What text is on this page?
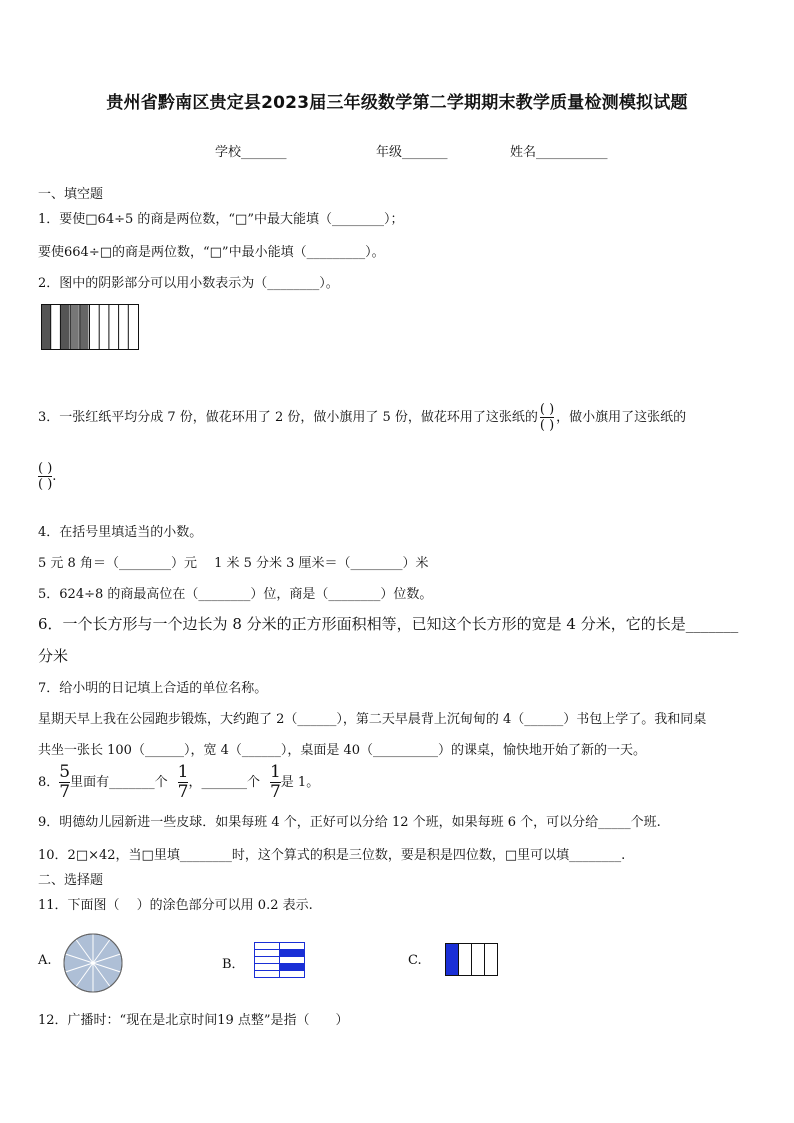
贵州省黔南区贵定县2023届三年级数学第二学期期末教学质量检测模拟试题
学校_______	年级_______	姓名___________
一、填空题
1．要使□64÷5 的商是两位数，“□”中最大能填（________）；
要使664÷□的商是两位数，“□”中最小能填（_________）。
2．图中的阴影部分可以用小数表示为（________）。
3．一张红纸平均分成 7 份，做花环用了 2 份，做小旗用了 5 份，做花环用了这张纸的 $\frac{( )}{( )}$ ，做小旗用了这张纸的
$\frac{( )}{( )}$ .
4．在括号里填适当的小数。
5 元 8 角＝（________）元　 1 米 5 分米 3 厘米＝（________）米
5．624÷8 的商最高位在（________）位，商是（________）位数。
6．一个长方形与一个边长为 8 分米的正方形面积相等，已知这个长方形的宽是 4 分米，它的长是_______
分米
7．给小明的日记填上合适的单位名称。
星期天早上我在公园跑步锻炼，大约跑了 2（______），第二天早晨背上沉甸甸的 4（______）书包上学了。我和同桌
共坐一张长 100（______），宽 4（______），桌面是 40（__________）的课桌，愉快地开始了新的一天。
8． $\frac{5}{7}$ 里面有_______个 $\frac{1}{7}$ ，_______个 $\frac{1}{7}$ 是 1。
9．明德幼儿园新进一些皮球．如果每班 4 个，正好可以分给 12 个班，如果每班 6 个，可以分给_____个班.
10．2□×42，当□里填________时，这个算式的积是三位数，要是积是四位数，□里可以填________.
二、选择题
11．下面图（　 ）的涂色部分可以用 0.2 表示.
A.	B．	C.
12．广播时：“现在是北京时间19 点整”是指（　　）
